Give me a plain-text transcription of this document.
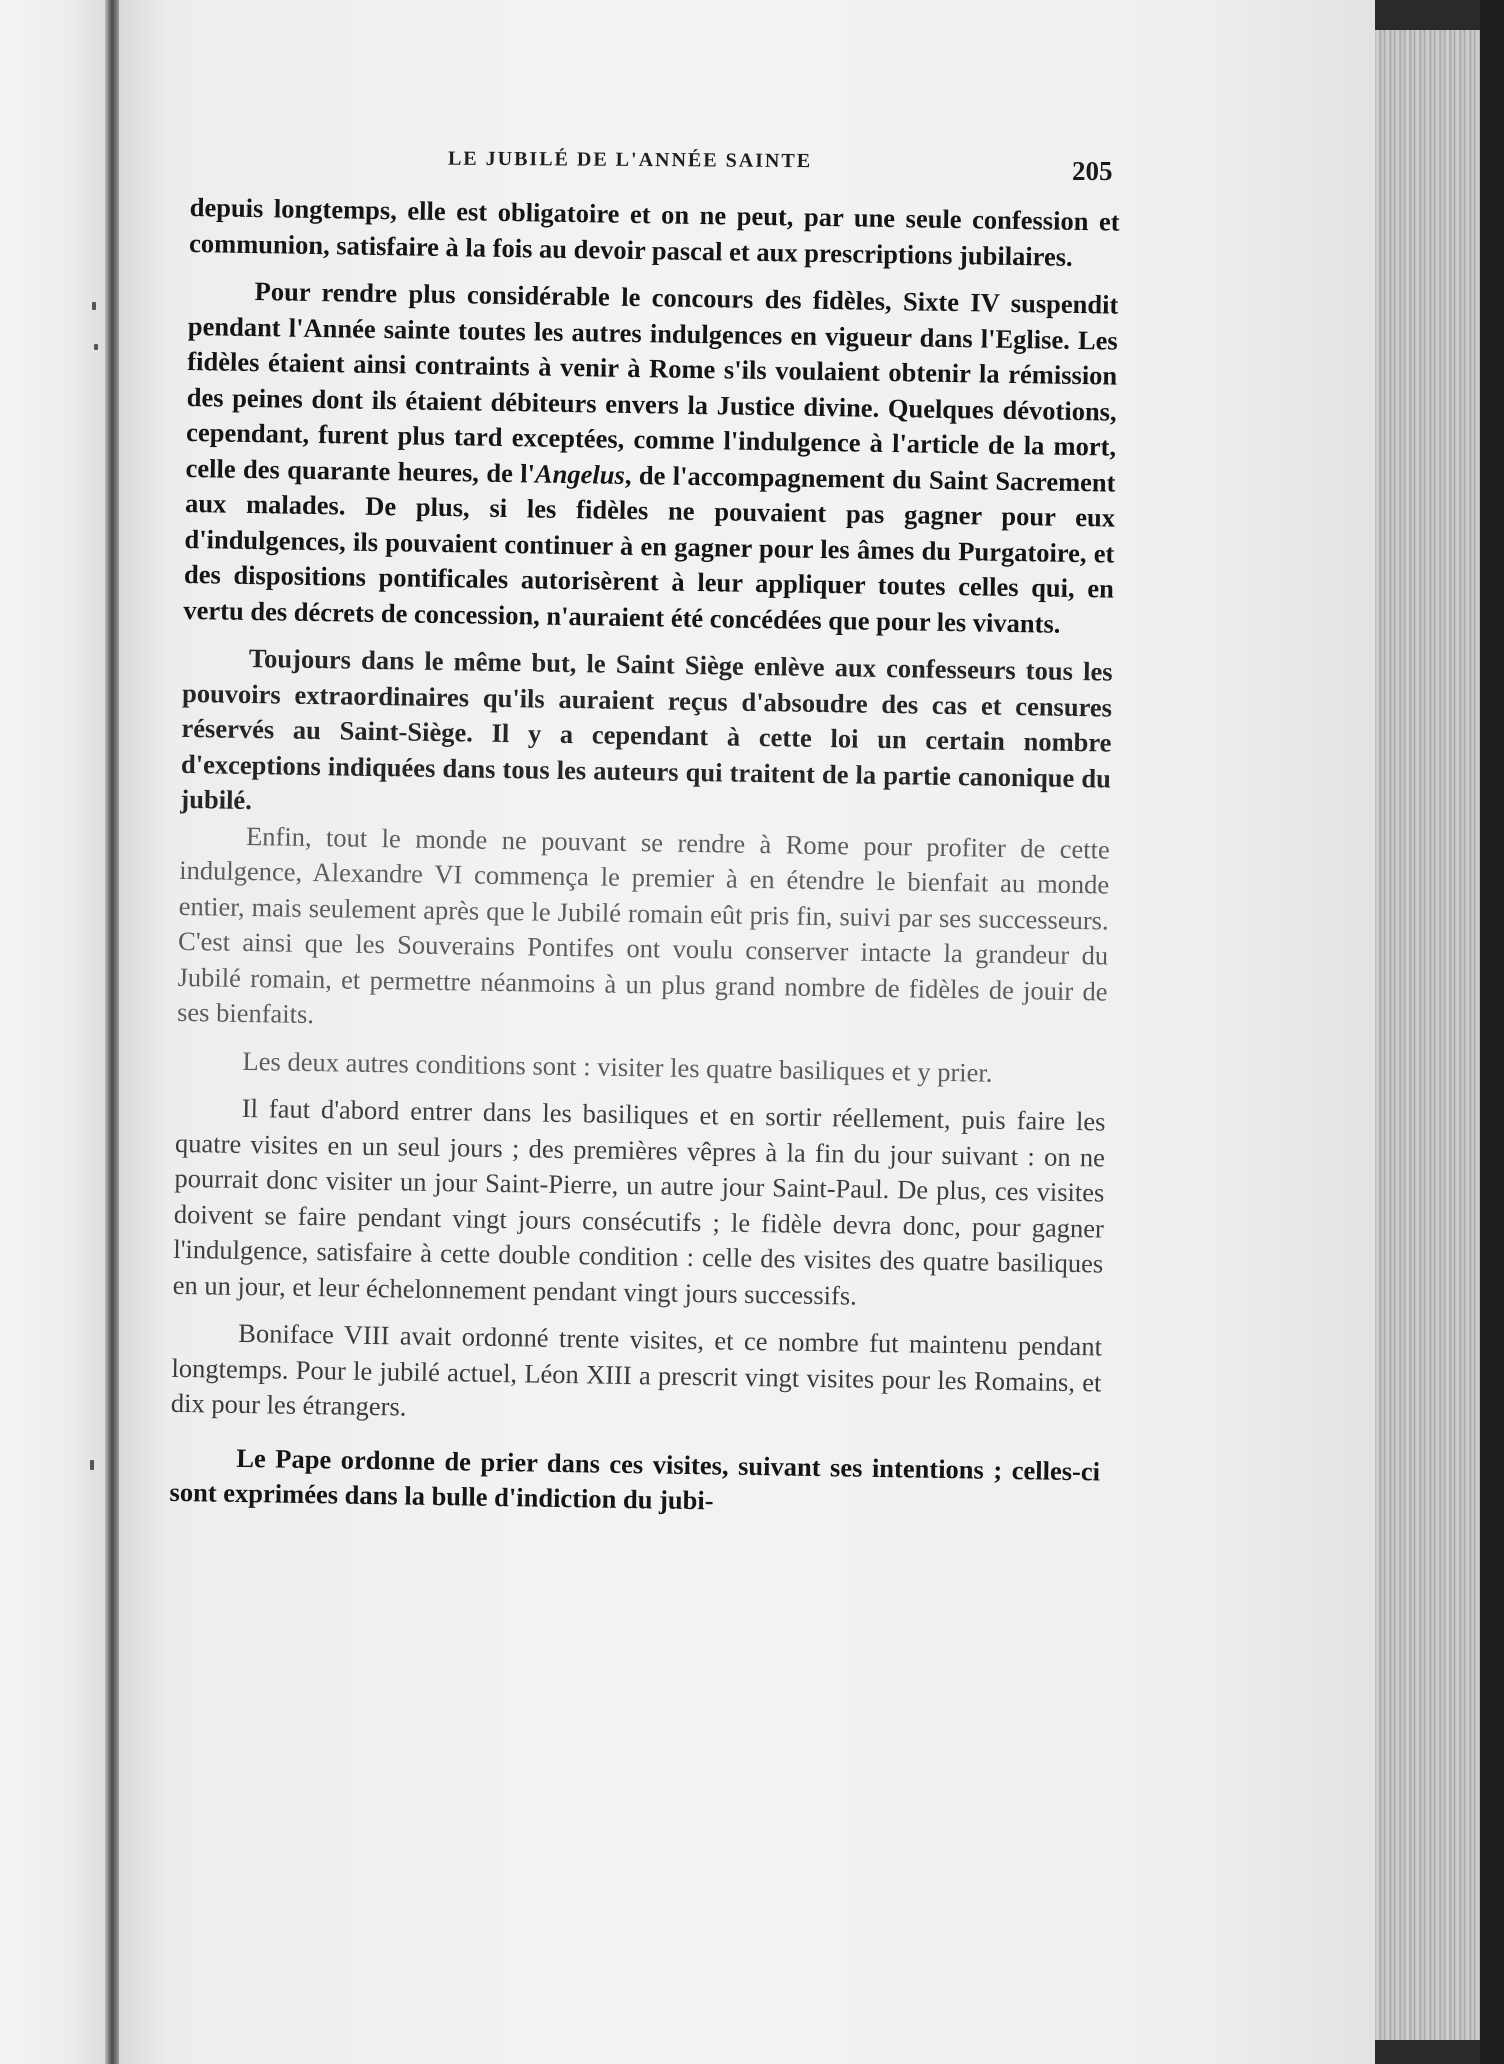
LE JUBILÉ DE L'ANNÉE SAINTE	205

depuis longtemps, elle est obligatoire et on ne peut, par une seule confession et communion, satisfaire à la fois au devoir pascal et aux prescriptions jubilaires.

Pour rendre plus considérable le concours des fidèles, Sixte IV suspendit pendant l'Année sainte toutes les autres indulgences en vigueur dans l'Eglise. Les fidèles étaient ainsi contraints à venir à Rome s'ils voulaient obtenir la rémission des peines dont ils étaient débiteurs envers la Justice divine. Quelques dévotions, cependant, furent plus tard exceptées, comme l'indulgence à l'article de la mort, celle des quarante heures, de l'Angelus, de l'accompagnement du Saint Sacrement aux malades. De plus, si les fidèles ne pouvaient pas gagner pour eux d'indulgences, ils pouvaient continuer à en gagner pour les âmes du Purgatoire, et des dispositions pontificales autorisèrent à leur appliquer toutes celles qui, en vertu des décrets de concession, n'auraient été concédées que pour les vivants.

Toujours dans le même but, le Saint Siège enlève aux confesseurs tous les pouvoirs extraordinaires qu'ils auraient reçus d'absoudre des cas et censures réservés au Saint-Siège. Il y a cependant à cette loi un certain nombre d'exceptions indiquées dans tous les auteurs qui traitent de la partie canonique du jubilé.

Enfin, tout le monde ne pouvant se rendre à Rome pour profiter de cette indulgence, Alexandre VI commença le premier à en étendre le bienfait au monde entier, mais seulement après que le Jubilé romain eût pris fin, suivi par ses successeurs. C'est ainsi que les Souverains Pontifes ont voulu conserver intacte la grandeur du Jubilé romain, et permettre néanmoins à un plus grand nombre de fidèles de jouir de ses bienfaits.

Les deux autres conditions sont : visiter les quatre basiliques et y prier.

Il faut d'abord entrer dans les basiliques et en sortir réellement, puis faire les quatre visites en un seul jours ; des premières vêpres à la fin du jour suivant : on ne pourrait donc visiter un jour Saint-Pierre, un autre jour Saint-Paul. De plus, ces visites doivent se faire pendant vingt jours consécutifs ; le fidèle devra donc, pour gagner l'indulgence, satisfaire à cette double condition : celle des visites des quatre basiliques en un jour, et leur échelonnement pendant vingt jours successifs.

Boniface VIII avait ordonné trente visites, et ce nombre fut maintenu pendant longtemps. Pour le jubilé actuel, Léon XIII a prescrit vingt visites pour les Romains, et dix pour les étrangers.

Le Pape ordonne de prier dans ces visites, suivant ses intentions ; celles-ci sont exprimées dans la bulle d'indiction du jubi-
